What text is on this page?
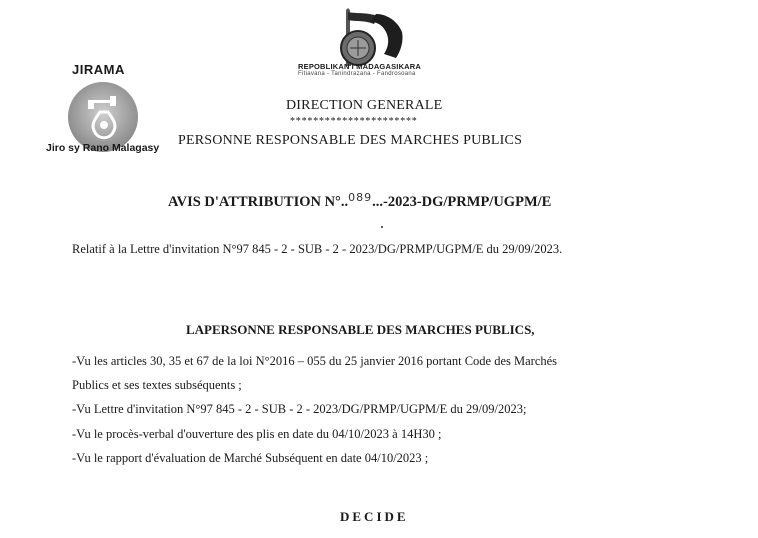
JIRAMA
Jiro sy Rano Malagasy
REPOBLIKAN'I MADAGASIKARA
Fitiavana - Tanindrazana - Fandrosoana
DIRECTION GENERALE
**********************
PERSONNE RESPONSABLE DES MARCHES PUBLICS
AVIS D'ATTRIBUTION N°..$^{089}$...-2023-DG/PRMP/UGPM/E
Relatif à la Lettre d'invitation N°97 845 - 2 - SUB - 2 - 2023/DG/PRMP/UGPM/E du 29/09/2023.
LAPERSONNE RESPONSABLE DES MARCHES PUBLICS,
-Vu les articles 30, 35 et 67 de la loi N°2016 – 055 du 25 janvier 2016 portant Code des Marchés
Publics et ses textes subséquents ;
-Vu Lettre d'invitation N°97 845 - 2 - SUB - 2 - 2023/DG/PRMP/UGPM/E du 29/09/2023;
-Vu le procès-verbal d'ouverture des plis en date du 04/10/2023 à 14H30 ;
-Vu le rapport d'évaluation de Marché Subséquent en date 04/10/2023 ;
DECIDE
